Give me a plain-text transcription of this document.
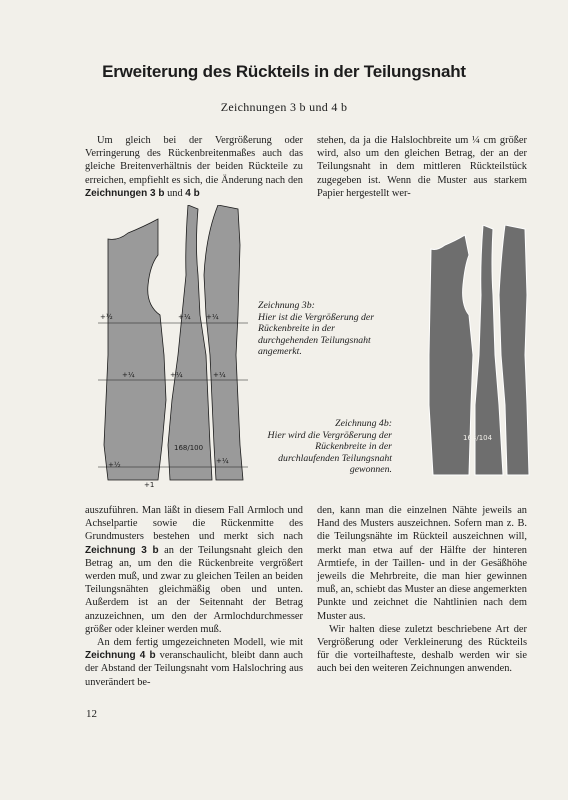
Erweiterung des Rückteils in der Teilungsnaht
Zeichnungen 3 b und 4 b

Um gleich bei der Vergrößerung oder Verringerung des Rückenbreitenmaßes auch das gleiche Breitenverhältnis der beiden Rückteile zu erreichen, empfiehlt es sich, die Änderung nach den Zeichnungen 3 b und 4 b

stehen, da ja die Halslochbreite um ¼ cm größer wird, also um den gleichen Betrag, der an der Teilungsnaht in dem mittleren Rückteilstück zugegeben ist. Wenn die Muster aus starkem Papier hergestellt wer-

+½
+¼	+¼	+¼
+¼ +¼
+½
+1
+¼
168/100
Zeichnung 3b:
Hier ist die Vergrößerung der Rückenbreite in der durchgehenden Teilungsnaht angemerkt.
168/104
Zeichnung 4b:
Hier wird die Vergrößerung der Rückenbreite in der durchlaufenden Teilungsnaht gewonnen.

auszuführen. Man läßt in diesem Fall Armloch und Achselpartie sowie die Rückenmitte des Grundmusters bestehen und merkt sich nach Zeichnung 3 b an der Teilungsnaht gleich den Betrag an, um den die Rückenbreite vergrößert werden muß, und zwar zu gleichen Teilen an beiden Teilungsnähten gleichmäßig oben und unten. Außerdem ist an der Seitennaht der Betrag anzuzeichnen, um den der Armlochdurchmesser größer oder kleiner werden muß.

An dem fertig umgezeichneten Modell, wie mit Zeichnung 4 b veranschaulicht, bleibt dann auch der Abstand der Teilungsnaht vom Halslochring aus unverändert be-

den, kann man die einzelnen Nähte jeweils an Hand des Musters auszeichnen. Sofern man z. B. die Teilungsnähte im Rückteil auszeichnen will, merkt man etwa auf der Hälfte der hinteren Armtiefe, in der Taillen- und in der Gesäßhöhe jeweils die Mehrbreite, die man hier gewinnen muß, an, schiebt das Muster an diese angemerkten Punkte und zeichnet die Nahtlinien nach dem Muster aus.

Wir halten diese zuletzt beschriebene Art der Vergrößerung oder Verkleinerung des Rückteils für die vorteilhafteste, deshalb werden wir sie auch bei den weiteren Zeichnungen anwenden.

12
